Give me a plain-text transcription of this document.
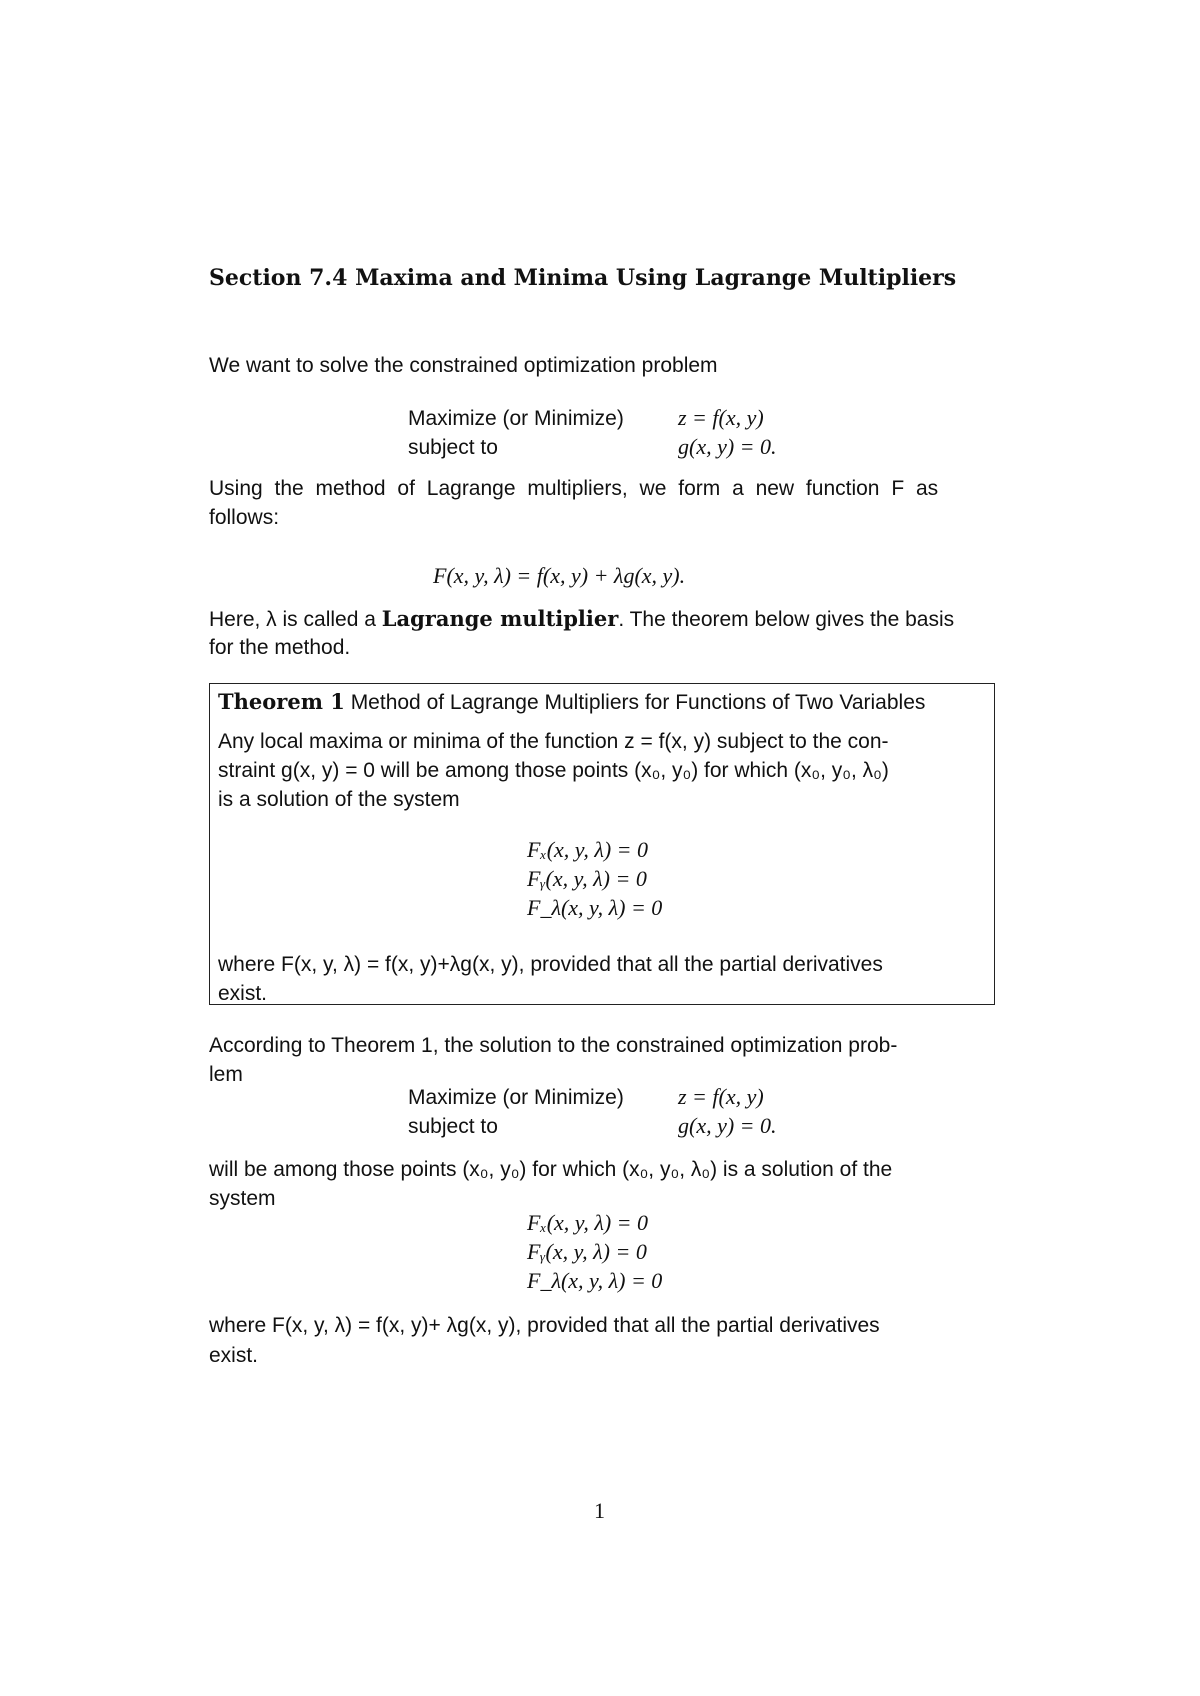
Section 7.4 Maxima and Minima Using Lagrange Multipliers
We want to solve the constrained optimization problem
Maximize (or Minimize) z = f(x, y)
subject to	g(x, y) = 0.
Using the method of Lagrange multipliers, we form a new function F as
follows:
F(x, y, λ) = f(x, y) + λg(x, y).
Here, λ is called a Lagrange multiplier. The theorem below gives the basis
for the method.
Theorem 1 Method of Lagrange Multipliers for Functions of Two Variables
Any local maxima or minima of the function z = f(x, y) subject to the con-
straint g(x, y) = 0 will be among those points (x₀, y₀) for which (x₀, y₀, λ₀)
is a solution of the system
Fₓ(x, y, λ) = 0
Fᵧ(x, y, λ) = 0
F_λ(x, y, λ) = 0
where F(x, y, λ) = f(x, y)+λg(x, y), provided that all the partial derivatives
exist.
According to Theorem 1, the solution to the constrained optimization prob-
lem
Maximize (or Minimize) z = f(x, y)
subject to	g(x, y) = 0.
will be among those points (x₀, y₀) for which (x₀, y₀, λ₀) is a solution of the
system
Fₓ(x, y, λ) = 0
Fᵧ(x, y, λ) = 0
F_λ(x, y, λ) = 0
where F(x, y, λ) = f(x, y)+ λg(x, y), provided that all the partial derivatives
exist.
1
